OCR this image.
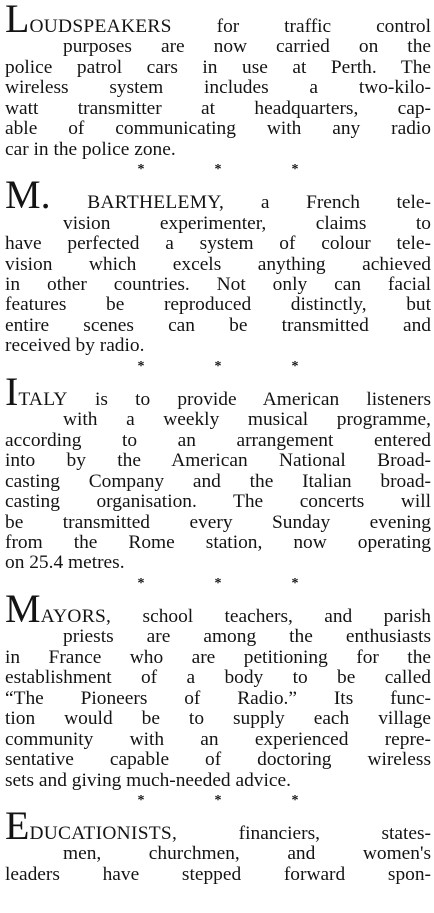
LOUDSPEAKERS for traffic control
purposes are now carried on the
police patrol cars in use at Perth. The
wireless system includes a two-kilo-
watt transmitter at headquarters, cap-
able of communicating with any radio
car in the police zone.

*	*	*

M. BARTHELEMY, a French tele-
vision experimenter, claims to
have perfected a system of colour tele-
vision which excels anything achieved
in other countries. Not only can facial
features be reproduced distinctly, but
entire scenes can be transmitted and
received by radio.

*	*	*

ITALY is to provide American listeners
with a weekly musical programme,
according to an arrangement entered
into by the American National Broad-
casting Company and the Italian broad-
casting organisation. The concerts will
be transmitted every Sunday evening
from the Rome station, now operating
on 25.4 metres.

*	*	*

MAYORS, school teachers, and parish
priests are among the enthusiasts
in France who are petitioning for the
establishment of a body to be called
“The Pioneers of Radio.” Its func-
tion would be to supply each village
community with an experienced repre-
sentative capable of doctoring wireless
sets and giving much-needed advice.

*	*	*

EDUCATIONISTS, financiers, states-
men, churchmen, and women's
leaders have stepped forward spon-
